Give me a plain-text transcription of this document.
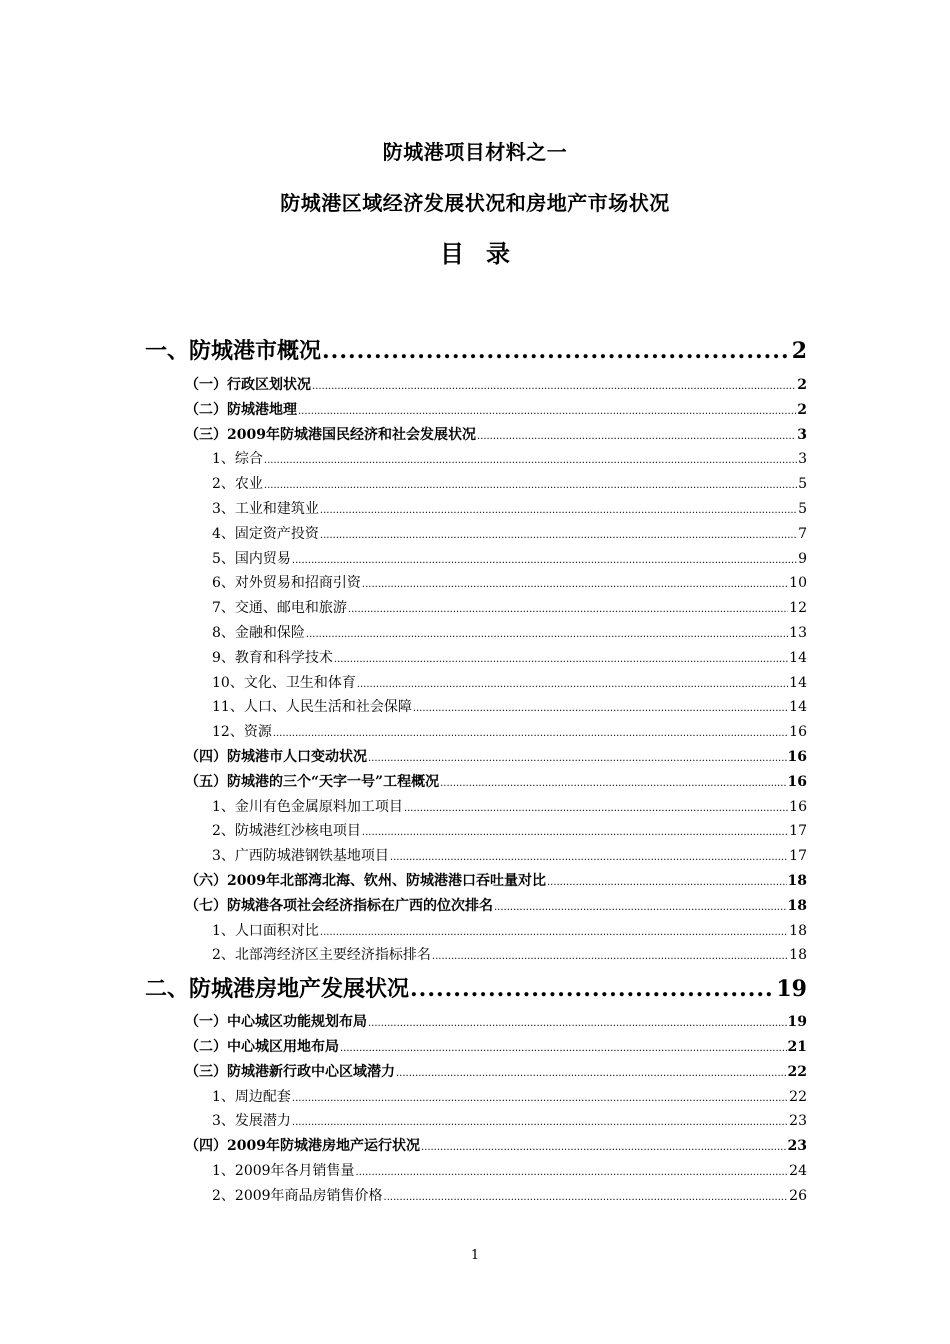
防城港项目材料之一
防城港区域经济发展状况和房地产市场状况
目录
一、防城港市概况 .....	2
（一）行政区划状况 .....	2
（二）防城港地理 .....	2
（三）2009年防城港国民经济和社会发展状况 .....	3
1、综合 .....	3
2、农业 .....	5
3、工业和建筑业 .....	5
4、固定资产投资 .....	7
5、国内贸易 .....	9
6、对外贸易和招商引资 .....	10
7、交通、邮电和旅游 .....	12
8、金融和保险 .....	13
9、教育和科学技术 .....	14
10、文化、卫生和体育 .....	14
11、人口、人民生活和社会保障 .....	14
12、资源 .....	16
（四）防城港市人口变动状况 .....	16
（五）防城港的三个“天字一号”工程概况 .....	16
1、金川有色金属原料加工项目 .....	16
2、防城港红沙核电项目 .....	17
3、广西防城港钢铁基地项目 .....	17
（六）2009年北部湾北海、钦州、防城港港口吞吐量对比 .....	18
（七）防城港各项社会经济指标在广西的位次排名 .....	18
1、人口面积对比 .....	18
2、北部湾经济区主要经济指标排名 .....	18
二、防城港房地产发展状况 .....	19
（一）中心城区功能规划布局 .....	19
（二）中心城区用地布局 .....	21
（三）防城港新行政中心区域潜力 .....	22
1、周边配套 .....	22
3、发展潜力 .....	23
（四）2009年防城港房地产运行状况 .....	23
1、2009年各月销售量 .....	24
2、2009年商品房销售价格 .....	26
1
